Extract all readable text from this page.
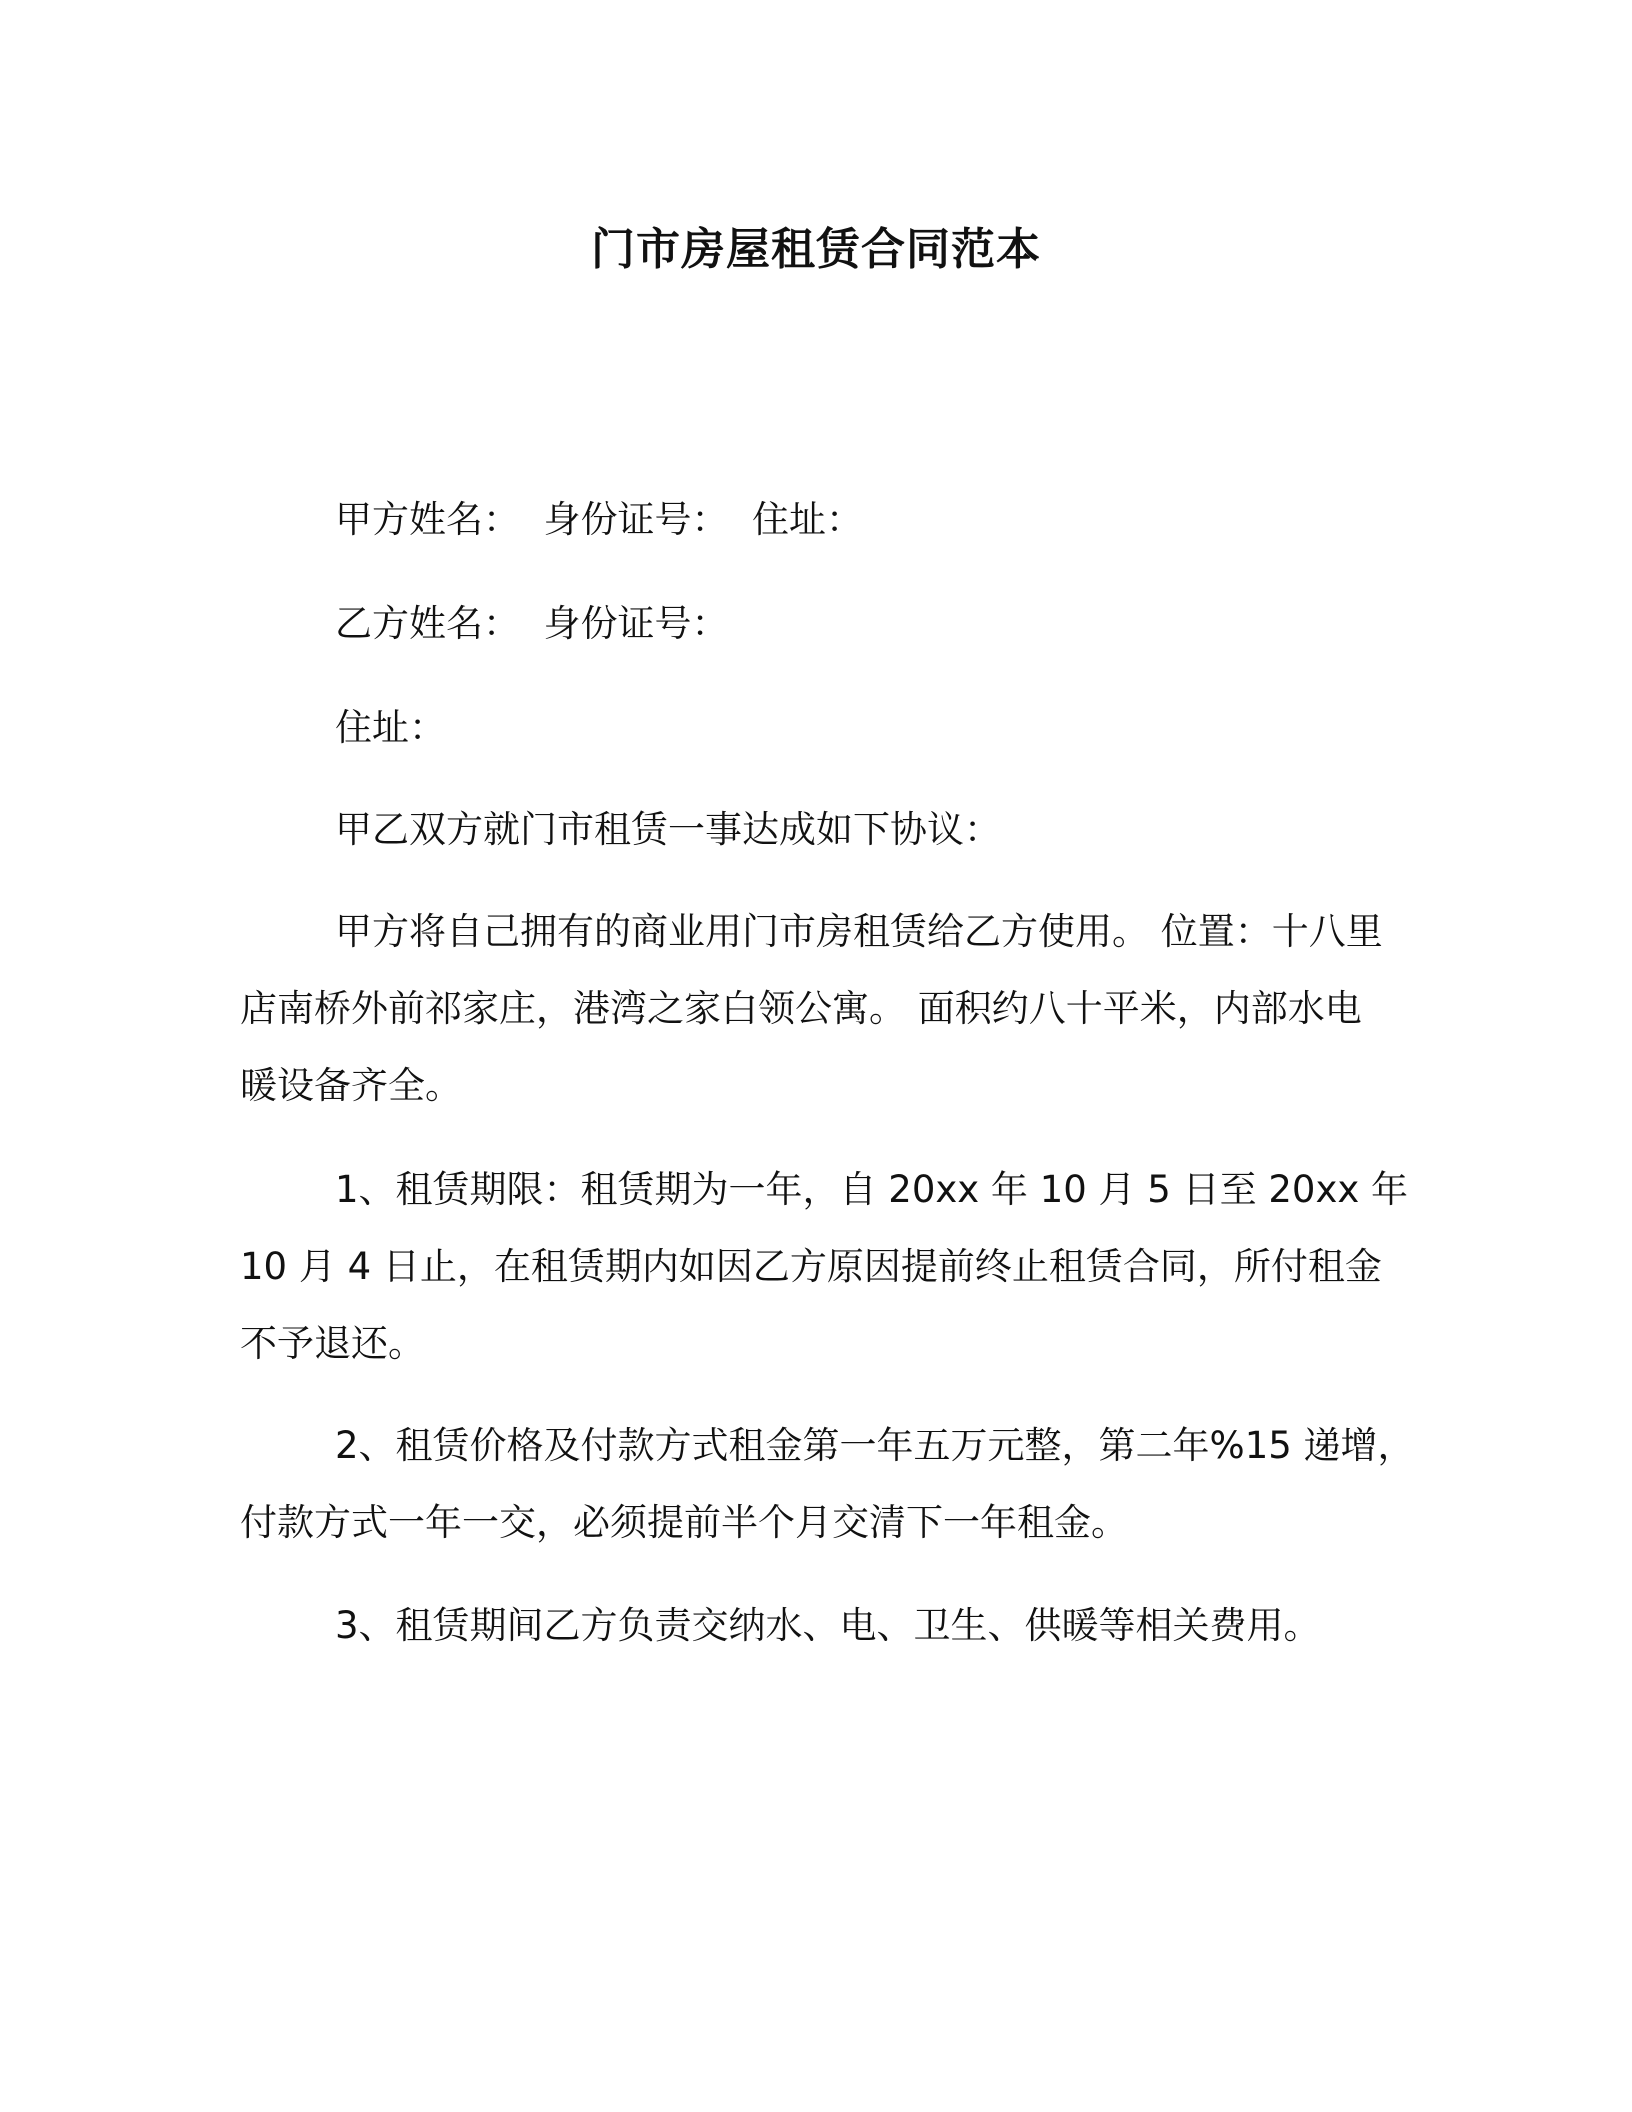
门市房屋租赁合同范本
甲方姓名：  身份证号：  住址：
乙方姓名：  身份证号：
住址：
甲乙双方就门市租赁一事达成如下协议：
甲方将自己拥有的商业用门市房租赁给乙方使用。 位置：十八里
店南桥外前祁家庄，港湾之家白领公寓。 面积约八十平米，内部水电
暖设备齐全。
1、租赁期限：租赁期为一年，自 20xx 年 10 月 5 日至 20xx 年
10 月 4 日止，在租赁期内如因乙方原因提前终止租赁合同，所付租金
不予退还。
2、租赁价格及付款方式租金第一年五万元整，第二年%15 递增，
付款方式一年一交，必须提前半个月交清下一年租金。
3、租赁期间乙方负责交纳水、电、卫生、供暖等相关费用。
